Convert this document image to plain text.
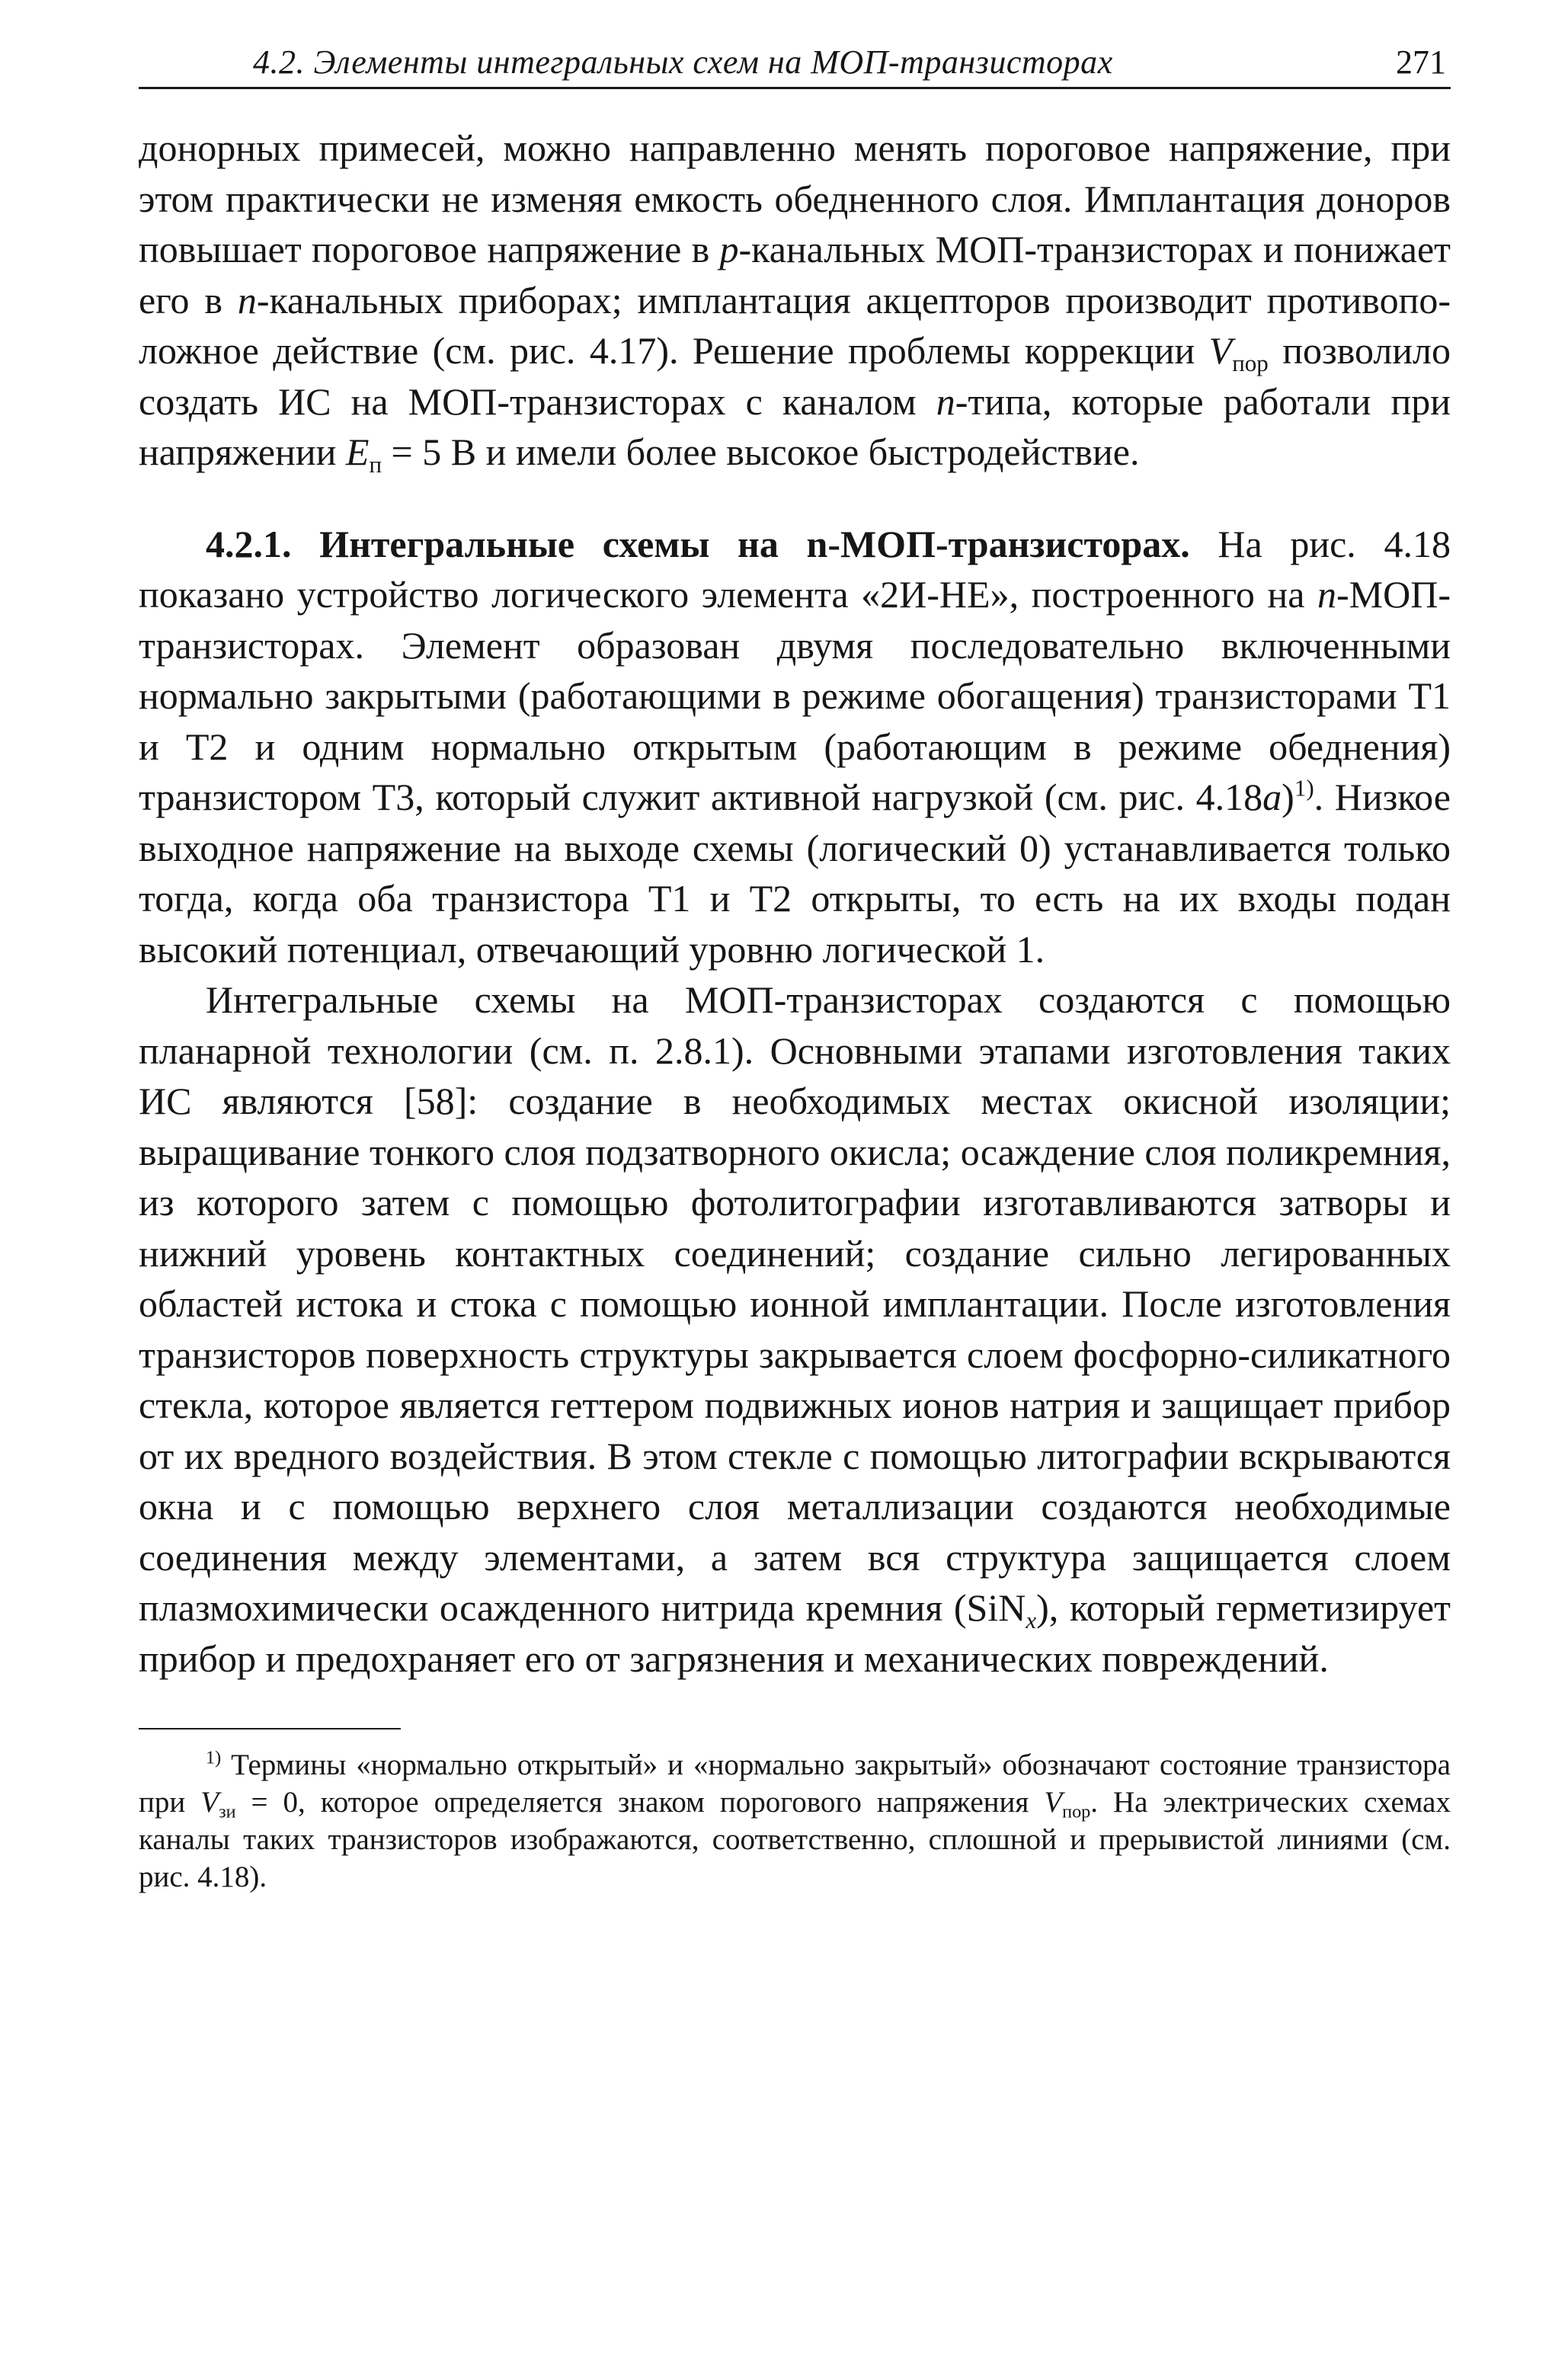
4.2. Элементы интегральных схем на МОП-транзисторах	271

донорных примесей, можно направленно менять пороговое напряжение, при этом практически не изменяя емкость обедненного слоя. Имплантация доноров повышает пороговое напряжение в p-канальных МОП-транзисторах и понижает его в n-канальных приборах; имплантация акцепторов производит противоположное действие (см. рис. 4.17). Решение проблемы коррекции $V_{пор}$ позволило создать ИС на МОП-транзисторах с каналом n-типа, которые работали при напряжении $E_п = 5$ В и имели более высокое быстродействие.

4.2.1. Интегральные схемы на n-МОП-транзисторах. На рис. 4.18 показано устройство логического элемента «2И-НЕ», построенного на n-МОП-транзисторах. Элемент образован двумя последовательно включенными нормально закрытыми (работающими в режиме обогащения) транзисторами Т1 и Т2 и одним нормально открытым (работающим в режиме обеднения) транзистором Т3, который служит активной нагрузкой (см. рис. 4.18а)$^{1)}$. Низкое выходное напряжение на выходе схемы (логический 0) устанавливается только тогда, когда оба транзистора Т1 и Т2 открыты, то есть на их входы подан высокий потенциал, отвечающий уровню логической 1.

Интегральные схемы на МОП-транзисторах создаются с помощью планарной технологии (см. п. 2.8.1). Основными этапами изготовления таких ИС являются [58]: создание в необходимых местах окисной изоляции; выращивание тонкого слоя подзатворного окисла; осаждение слоя поликремния, из которого затем с помощью фотолитографии изготавливаются затворы и нижний уровень контактных соединений; создание сильно легированных областей истока и стока с помощью ионной имплантации. После изготовления транзисторов поверхность структуры закрывается слоем фосфорно-силикатного стекла, которое является геттером подвижных ионов натрия и защищает прибор от их вредного воздействия. В этом стекле с помощью литографии вскрываются окна и с помощью верхнего слоя металлизации создаются необходимые соединения между элементами, а затем вся структура защищается слоем плазмохимически осажденного нитрида кремния (SiN$_x$), который герметизирует прибор и предохраняет его от загрязнения и механических повреждений.

$^{1)}$ Термины «нормально открытый» и «нормально закрытый» обозначают состояние транзистора при $V_{зи} = 0$, которое определяется знаком порогового напряжения $V_{пор}$. На электрических схемах каналы таких транзисторов изображаются, соответственно, сплошной и прерывистой линиями (см. рис. 4.18).
